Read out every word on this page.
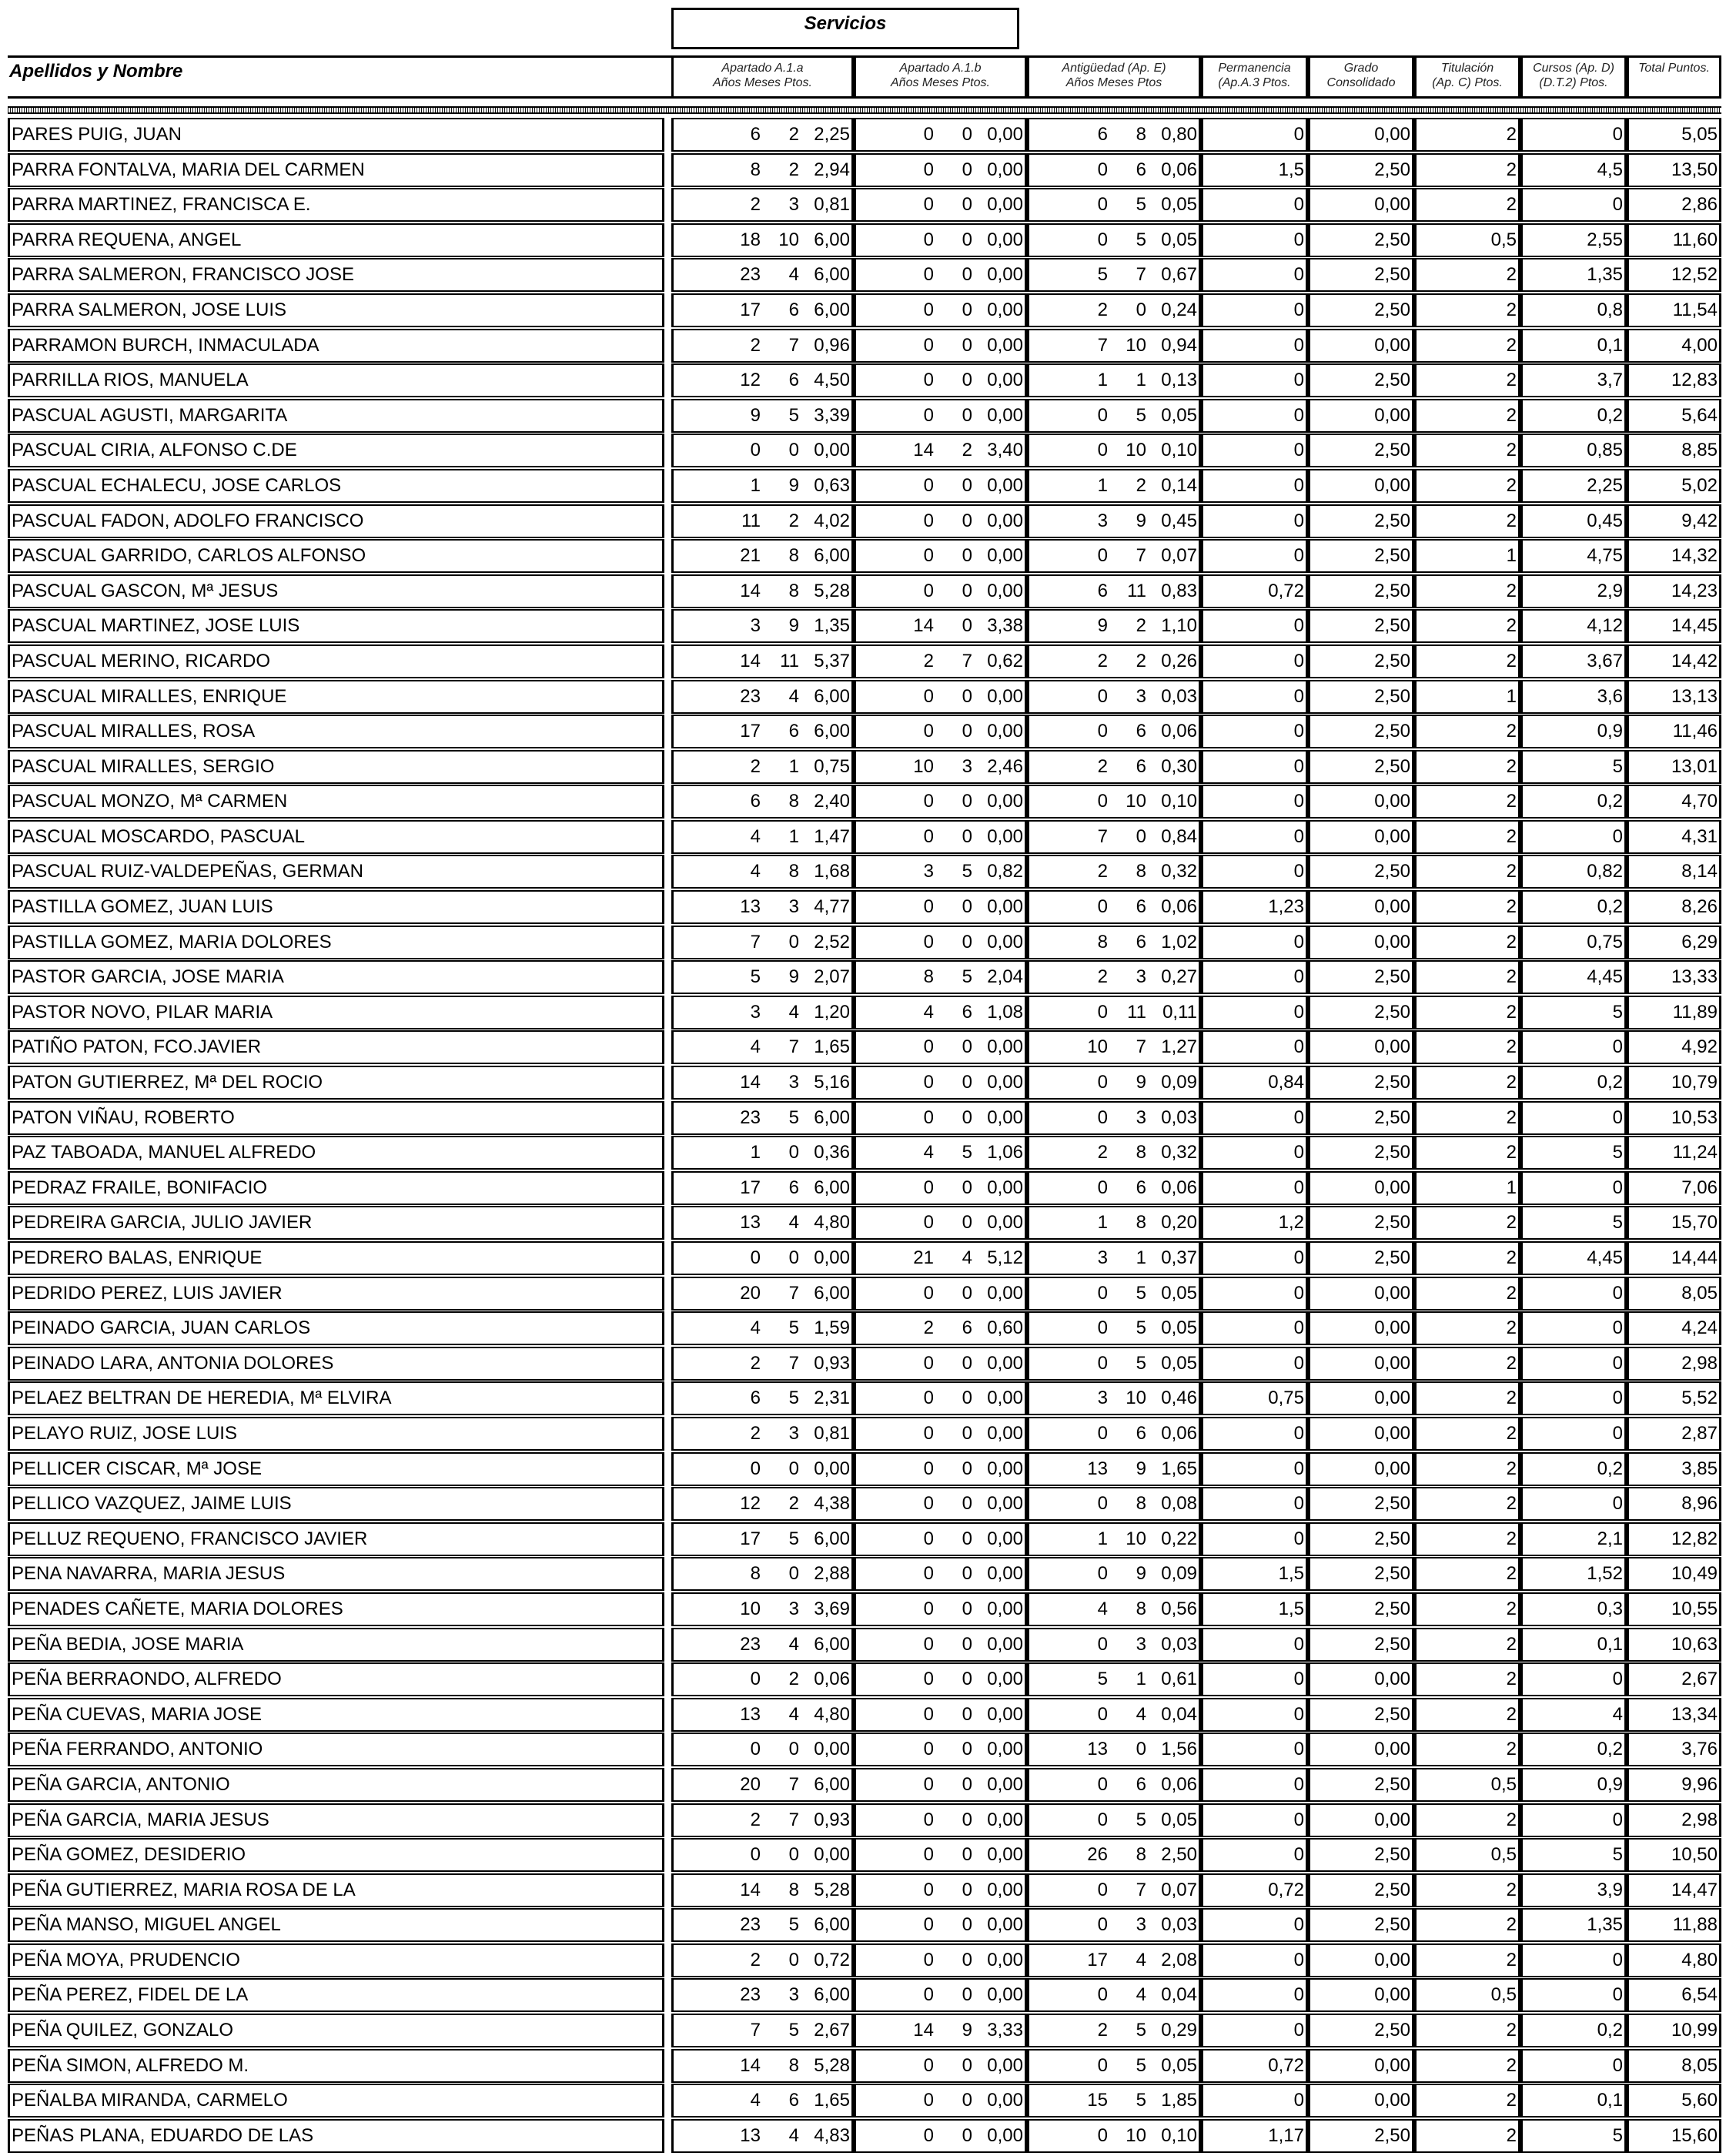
Servicios
Apellidos y Nombre	Apartado A.1.a
Años Meses Ptos.
Apartado A.1.b
Años Meses Ptos.
Antigüedad (Ap. E)
Años Meses Ptos
Permanencia
(Ap.A.3 Ptos.
Grado
Consolidado
Titulación
(Ap. C) Ptos.
Cursos (Ap. D)
(D.T.2) Ptos.
Total Puntos.
PARES PUIG, JUAN	6	2 2,25	0	0 0,00	6	8 0,80	0	0,00	2	0	5,05
PARRA FONTALVA, MARIA DEL CARMEN	8	2 2,94	0	0 0,00	0	6 0,06	1,5	2,50	2	4,5	13,50
PARRA MARTINEZ, FRANCISCA E.	2	3 0,81	0	0 0,00	0	5 0,05	0	0,00	2	0	2,86
PARRA REQUENA, ANGEL	18 10 6,00	0	0 0,00	0	5 0,05	0	2,50	0,5	2,55	11,60
PARRA SALMERON, FRANCISCO JOSE	23	4 6,00	0	0 0,00	5	7 0,67	0	2,50	2	1,35	12,52
PARRA SALMERON, JOSE LUIS	17	6 6,00	0	0 0,00	2	0 0,24	0	2,50	2	0,8	11,54
PARRAMON BURCH, INMACULADA	2	7 0,96	0	0 0,00	7 10 0,94	0	0,00	2	0,1	4,00
PARRILLA RIOS, MANUELA	12	6 4,50	0	0 0,00	1	1 0,13	0	2,50	2	3,7	12,83
PASCUAL AGUSTI, MARGARITA	9	5 3,39	0	0 0,00	0	5 0,05	0	0,00	2	0,2	5,64
PASCUAL CIRIA, ALFONSO C.DE	0	0 0,00	14	2 3,40	0 10 0,10	0	2,50	2	0,85	8,85
PASCUAL ECHALECU, JOSE CARLOS	1	9 0,63	0	0 0,00	1	2 0,14	0	0,00	2	2,25	5,02
PASCUAL FADON, ADOLFO FRANCISCO	11	2 4,02	0	0 0,00	3	9 0,45	0	2,50	2	0,45	9,42
PASCUAL GARRIDO, CARLOS ALFONSO	21	8 6,00	0	0 0,00	0	7 0,07	0	2,50	1	4,75	14,32
PASCUAL GASCON, Mª JESUS	14	8 5,28	0	0 0,00	6	11 0,83	0,72	2,50	2	2,9	14,23
PASCUAL MARTINEZ, JOSE LUIS	3	9 1,35	14	0 3,38	9	2 1,10	0	2,50	2	4,12	14,45
PASCUAL MERINO, RICARDO	14	11 5,37	2	7 0,62	2	2 0,26	0	2,50	2	3,67	14,42
PASCUAL MIRALLES, ENRIQUE	23	4 6,00	0	0 0,00	0	3 0,03	0	2,50	1	3,6	13,13
PASCUAL MIRALLES, ROSA	17	6 6,00	0	0 0,00	0	6 0,06	0	2,50	2	0,9	11,46
PASCUAL MIRALLES, SERGIO	2	1 0,75	10	3 2,46	2	6 0,30	0	2,50	2	5	13,01
PASCUAL MONZO, Mª CARMEN	6	8 2,40	0	0 0,00	0 10 0,10	0	0,00	2	0,2	4,70
PASCUAL MOSCARDO, PASCUAL	4	1 1,47	0	0 0,00	7	0 0,84	0	0,00	2	0	4,31
PASCUAL RUIZ-VALDEPEÑAS, GERMAN	4	8 1,68	3	5 0,82	2	8 0,32	0	2,50	2	0,82	8,14
PASTILLA GOMEZ, JUAN LUIS	13	3 4,77	0	0 0,00	0	6 0,06	1,23	0,00	2	0,2	8,26
PASTILLA GOMEZ, MARIA DOLORES	7	0 2,52	0	0 0,00	8	6 1,02	0	0,00	2	0,75	6,29
PASTOR GARCIA, JOSE MARIA	5	9 2,07	8	5 2,04	2	3 0,27	0	2,50	2	4,45	13,33
PASTOR NOVO, PILAR MARIA	3	4 1,20	4	6 1,08	0	11 0,11	0	2,50	2	5	11,89
PATIÑO PATON, FCO.JAVIER	4	7 1,65	0	0 0,00	10	7 1,27	0	0,00	2	0	4,92
PATON GUTIERREZ, Mª DEL ROCIO	14	3 5,16	0	0 0,00	0	9 0,09	0,84	2,50	2	0,2	10,79
PATON VIÑAU, ROBERTO	23	5 6,00	0	0 0,00	0	3 0,03	0	2,50	2	0	10,53
PAZ TABOADA, MANUEL ALFREDO	1	0 0,36	4	5 1,06	2	8 0,32	0	2,50	2	5	11,24
PEDRAZ FRAILE, BONIFACIO	17	6 6,00	0	0 0,00	0	6 0,06	0	0,00	1	0	7,06
PEDREIRA GARCIA, JULIO JAVIER	13	4 4,80	0	0 0,00	1	8 0,20	1,2	2,50	2	5	15,70
PEDRERO BALAS, ENRIQUE	0	0 0,00	21	4 5,12	3	1 0,37	0	2,50	2	4,45	14,44
PEDRIDO PEREZ, LUIS JAVIER	20	7 6,00	0	0 0,00	0	5 0,05	0	0,00	2	0	8,05
PEINADO GARCIA, JUAN CARLOS	4	5 1,59	2	6 0,60	0	5 0,05	0	0,00	2	0	4,24
PEINADO LARA, ANTONIA DOLORES	2	7 0,93	0	0 0,00	0	5 0,05	0	0,00	2	0	2,98
PELAEZ BELTRAN DE HEREDIA, Mª ELVIRA	6	5 2,31	0	0 0,00	3 10 0,46	0,75	0,00	2	0	5,52
PELAYO RUIZ, JOSE LUIS	2	3 0,81	0	0 0,00	0	6 0,06	0	0,00	2	0	2,87
PELLICER CISCAR, Mª JOSE	0	0 0,00	0	0 0,00	13	9 1,65	0	0,00	2	0,2	3,85
PELLICO VAZQUEZ, JAIME LUIS	12	2 4,38	0	0 0,00	0	8 0,08	0	2,50	2	0	8,96
PELLUZ REQUENO, FRANCISCO JAVIER	17	5 6,00	0	0 0,00	1 10 0,22	0	2,50	2	2,1	12,82
PENA NAVARRA, MARIA JESUS	8	0 2,88	0	0 0,00	0	9 0,09	1,5	2,50	2	1,52	10,49
PENADES CAÑETE, MARIA DOLORES	10	3 3,69	0	0 0,00	4	8 0,56	1,5	2,50	2	0,3	10,55
PEÑA BEDIA, JOSE MARIA	23	4 6,00	0	0 0,00	0	3 0,03	0	2,50	2	0,1	10,63
PEÑA BERRAONDO, ALFREDO	0	2 0,06	0	0 0,00	5	1 0,61	0	0,00	2	0	2,67
PEÑA CUEVAS, MARIA JOSE	13	4 4,80	0	0 0,00	0	4 0,04	0	2,50	2	4	13,34
PEÑA FERRANDO, ANTONIO	0	0 0,00	0	0 0,00	13	0 1,56	0	0,00	2	0,2	3,76
PEÑA GARCIA, ANTONIO	20	7 6,00	0	0 0,00	0	6 0,06	0	2,50	0,5	0,9	9,96
PEÑA GARCIA, MARIA JESUS	2	7 0,93	0	0 0,00	0	5 0,05	0	0,00	2	0	2,98
PEÑA GOMEZ, DESIDERIO	0	0 0,00	0	0 0,00	26	8 2,50	0	2,50	0,5	5	10,50
PEÑA GUTIERREZ, MARIA ROSA DE LA	14	8 5,28	0	0 0,00	0	7 0,07	0,72	2,50	2	3,9	14,47
PEÑA MANSO, MIGUEL ANGEL	23	5 6,00	0	0 0,00	0	3 0,03	0	2,50	2	1,35	11,88
PEÑA MOYA, PRUDENCIO	2	0 0,72	0	0 0,00	17	4 2,08	0	0,00	2	0	4,80
PEÑA PEREZ, FIDEL DE LA	23	3 6,00	0	0 0,00	0	4 0,04	0	0,00	0,5	0	6,54
PEÑA QUILEZ, GONZALO	7	5 2,67	14	9 3,33	2	5 0,29	0	2,50	2	0,2	10,99
PEÑA SIMON, ALFREDO M.	14	8 5,28	0	0 0,00	0	5 0,05	0,72	0,00	2	0	8,05
PEÑALBA MIRANDA, CARMELO	4	6 1,65	0	0 0,00	15	5 1,85	0	0,00	2	0,1	5,60
PEÑAS PLANA, EDUARDO DE LAS	13	4 4,83	0	0 0,00	0 10 0,10	1,17	2,50	2	5	15,60
